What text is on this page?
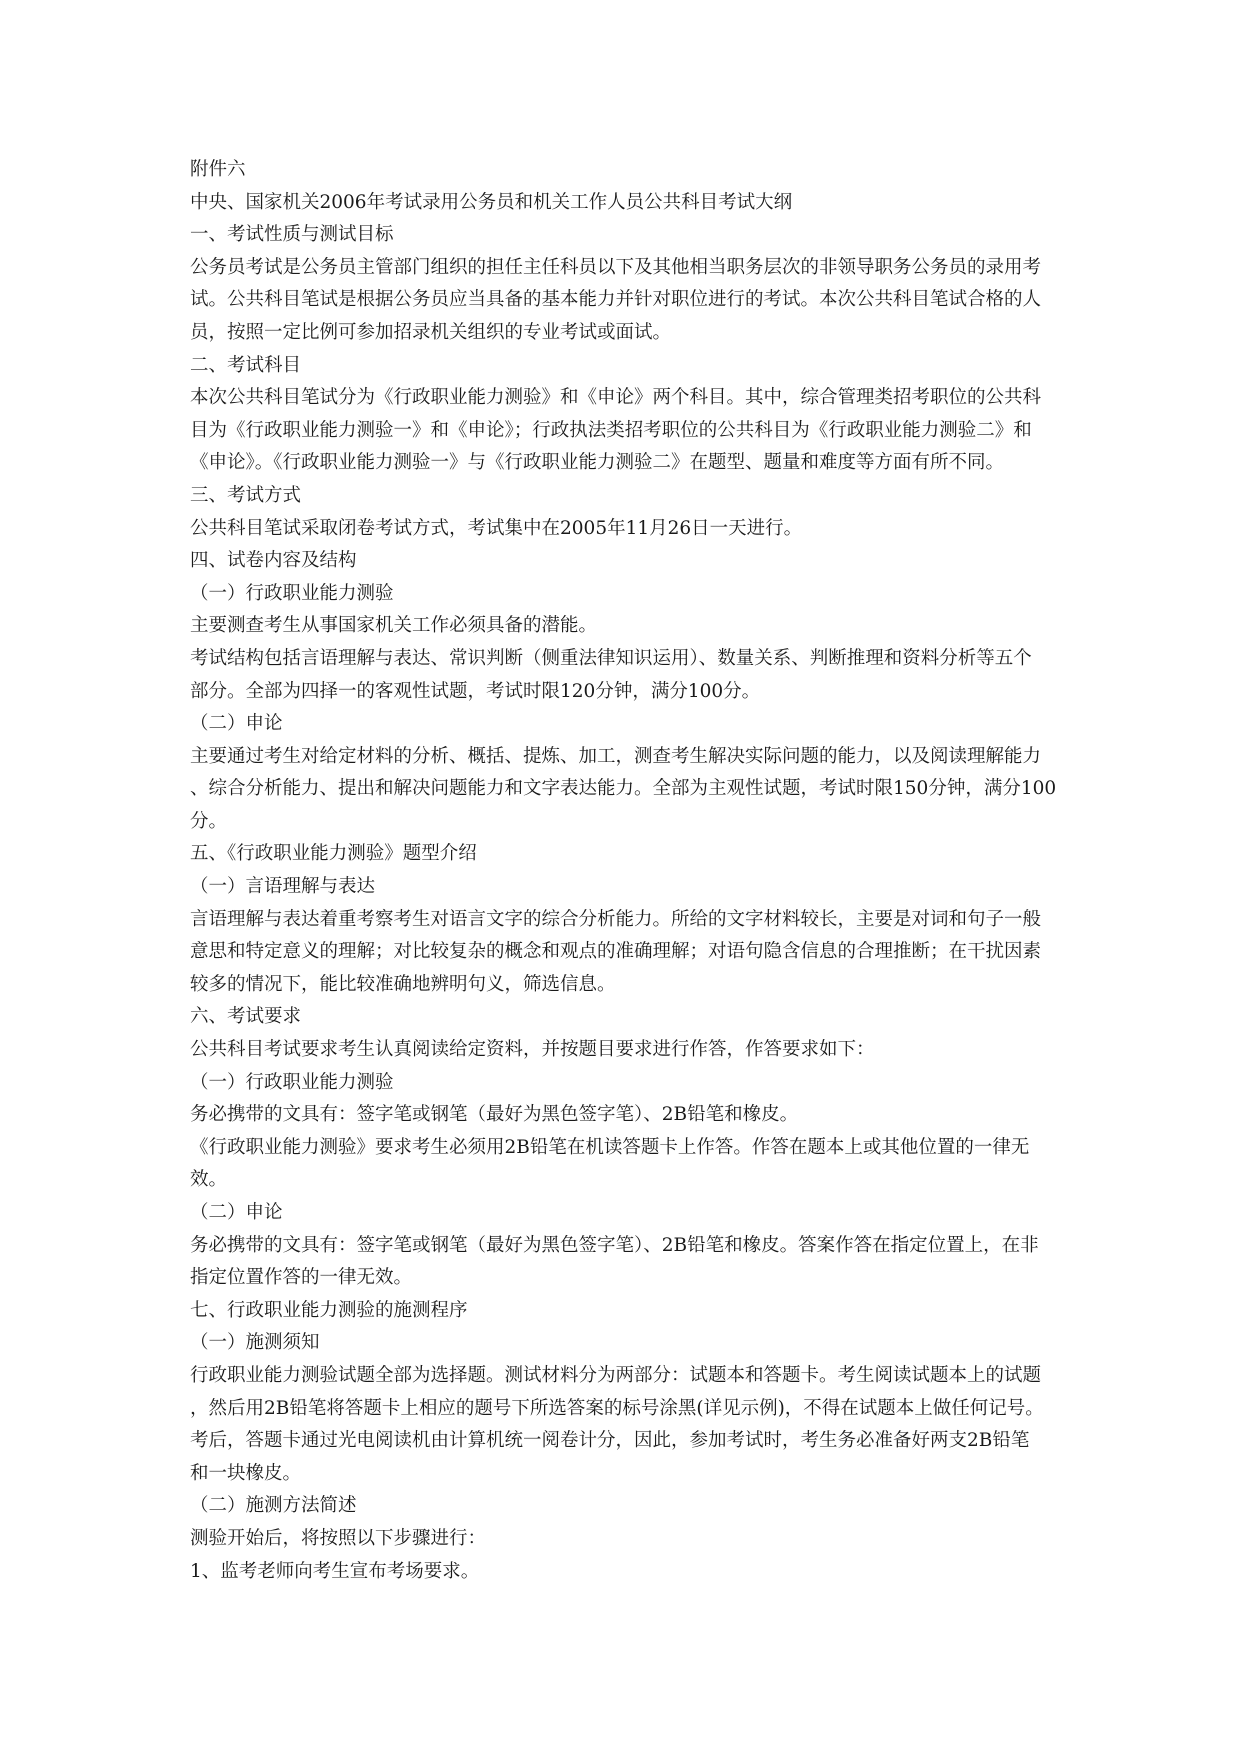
附件六
中央、国家机关2006年考试录用公务员和机关工作人员公共科目考试大纲
一、考试性质与测试目标
公务员考试是公务员主管部门组织的担任主任科员以下及其他相当职务层次的非领导职务公务员的录用考
试。公共科目笔试是根据公务员应当具备的基本能力并针对职位进行的考试。本次公共科目笔试合格的人
员，按照一定比例可参加招录机关组织的专业考试或面试。
二、考试科目
本次公共科目笔试分为《行政职业能力测验》和《申论》两个科目。其中，综合管理类招考职位的公共科
目为《行政职业能力测验一》和《申论》；行政执法类招考职位的公共科目为《行政职业能力测验二》和
《申论》。《行政职业能力测验一》与《行政职业能力测验二》在题型、题量和难度等方面有所不同。
三、考试方式
公共科目笔试采取闭卷考试方式，考试集中在2005年11月26日一天进行。
四、试卷内容及结构
（一）行政职业能力测验
主要测查考生从事国家机关工作必须具备的潜能。
考试结构包括言语理解与表达、常识判断（侧重法律知识运用）、数量关系、判断推理和资料分析等五个
部分。全部为四择一的客观性试题，考试时限120分钟，满分100分。
（二）申论
主要通过考生对给定材料的分析、概括、提炼、加工，测查考生解决实际问题的能力，以及阅读理解能力
、综合分析能力、提出和解决问题能力和文字表达能力。全部为主观性试题，考试时限150分钟，满分100
分。
五、《行政职业能力测验》题型介绍
（一）言语理解与表达
言语理解与表达着重考察考生对语言文字的综合分析能力。所给的文字材料较长，主要是对词和句子一般
意思和特定意义的理解；对比较复杂的概念和观点的准确理解；对语句隐含信息的合理推断；在干扰因素
较多的情况下，能比较准确地辨明句义，筛选信息。
六、考试要求
公共科目考试要求考生认真阅读给定资料，并按题目要求进行作答，作答要求如下：
（一）行政职业能力测验
务必携带的文具有：签字笔或钢笔（最好为黑色签字笔）、2B铅笔和橡皮。
《行政职业能力测验》要求考生必须用2B铅笔在机读答题卡上作答。作答在题本上或其他位置的一律无
效。
（二）申论
务必携带的文具有：签字笔或钢笔（最好为黑色签字笔）、2B铅笔和橡皮。答案作答在指定位置上，在非
指定位置作答的一律无效。
七、行政职业能力测验的施测程序
（一）施测须知
行政职业能力测验试题全部为选择题。测试材料分为两部分：试题本和答题卡。考生阅读试题本上的试题
，然后用2B铅笔将答题卡上相应的题号下所选答案的标号涂黑(详见示例)，不得在试题本上做任何记号。
考后，答题卡通过光电阅读机由计算机统一阅卷计分，因此，参加考试时，考生务必准备好两支2B铅笔
和一块橡皮。
（二）施测方法简述
测验开始后，将按照以下步骤进行：
1、监考老师向考生宣布考场要求。
